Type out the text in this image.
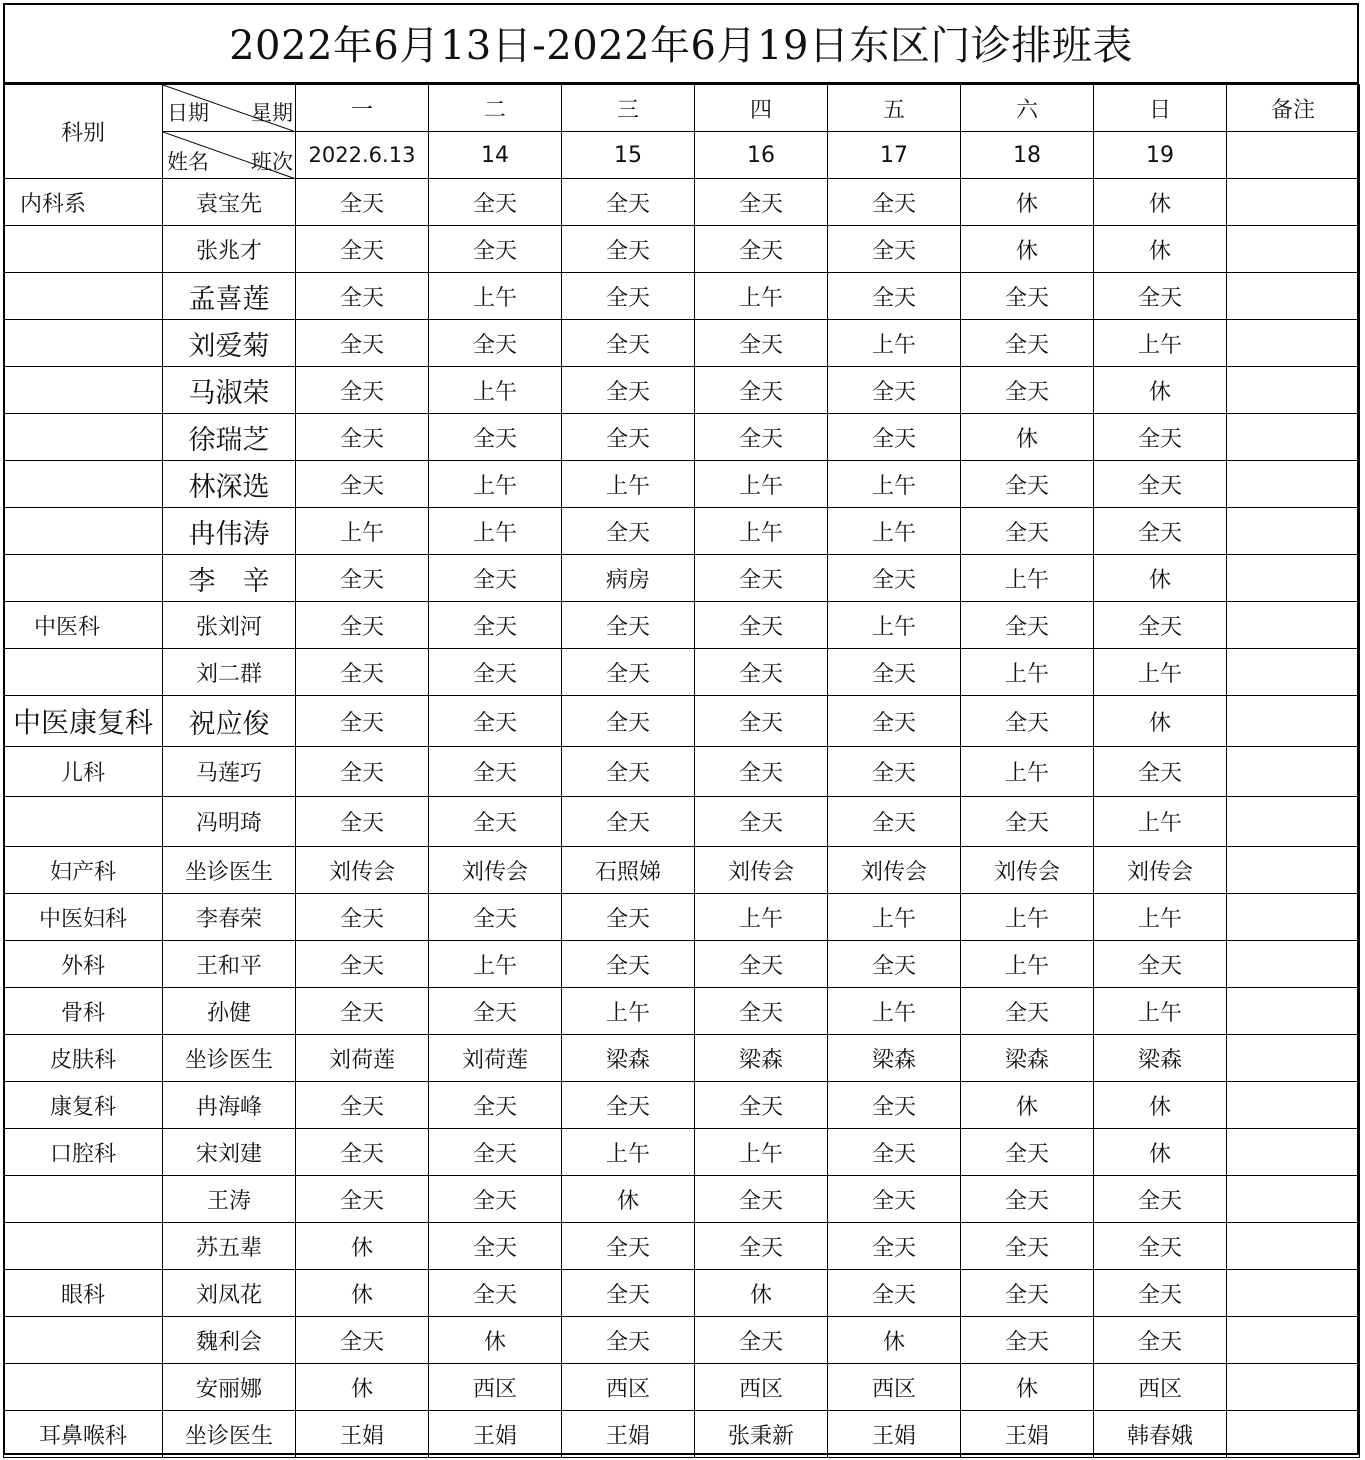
2022年6月13日-2022年6月19日东区门诊排班表
科别	日期 星期	一	二	三	四	五	六	日	备注

	姓名 班次	2022.6.13	14	15	16	17	18	19	
内科系	袁宝先	全天	全天	全天	全天	全天	休	休	
	张兆才	全天	全天	全天	全天	全天	休	休	
	孟喜莲	全天	上午	全天	上午	全天	全天	全天	
	刘爱菊	全天	全天	全天	全天	上午	全天	上午	
	马淑荣	全天	上午	全天	全天	全天	全天	休	
	徐瑞芝	全天	全天	全天	全天	全天	休	全天	
	林深选	全天	上午	上午	上午	上午	全天	全天	
	冉伟涛	上午	上午	全天	上午	上午	全天	全天	
	李　辛	全天	全天	病房	全天	全天	上午	休	
中医科	张刘河	全天	全天	全天	全天	上午	全天	全天	
	刘二群	全天	全天	全天	全天	全天	上午	上午	
中医康复科	祝应俊	全天	全天	全天	全天	全天	全天	休	
儿科	马莲巧	全天	全天	全天	全天	全天	上午	全天	
	冯明琦	全天	全天	全天	全天	全天	全天	上午	
妇产科	坐诊医生	刘传会	刘传会	石照娣	刘传会	刘传会	刘传会	刘传会	
中医妇科	李春荣	全天	全天	全天	上午	上午	上午	上午	
外科	王和平	全天	上午	全天	全天	全天	上午	全天	
骨科	孙健	全天	全天	上午	全天	上午	全天	上午	
皮肤科	坐诊医生	刘荷莲	刘荷莲	梁森	梁森	梁森	梁森	梁森	
康复科	冉海峰	全天	全天	全天	全天	全天	休	休	
口腔科	宋刘建	全天	全天	上午	上午	全天	全天	休	
	王涛	全天	全天	休	全天	全天	全天	全天	
	苏五辈	休	全天	全天	全天	全天	全天	全天	
眼科	刘凤花	休	全天	全天	休	全天	全天	全天	
	魏利会	全天	休	全天	全天	休	全天	全天	
	安丽娜	休	西区	西区	西区	西区	休	西区	
耳鼻喉科	坐诊医生	王娟	王娟	王娟	张秉新	王娟	王娟	韩春娥	
